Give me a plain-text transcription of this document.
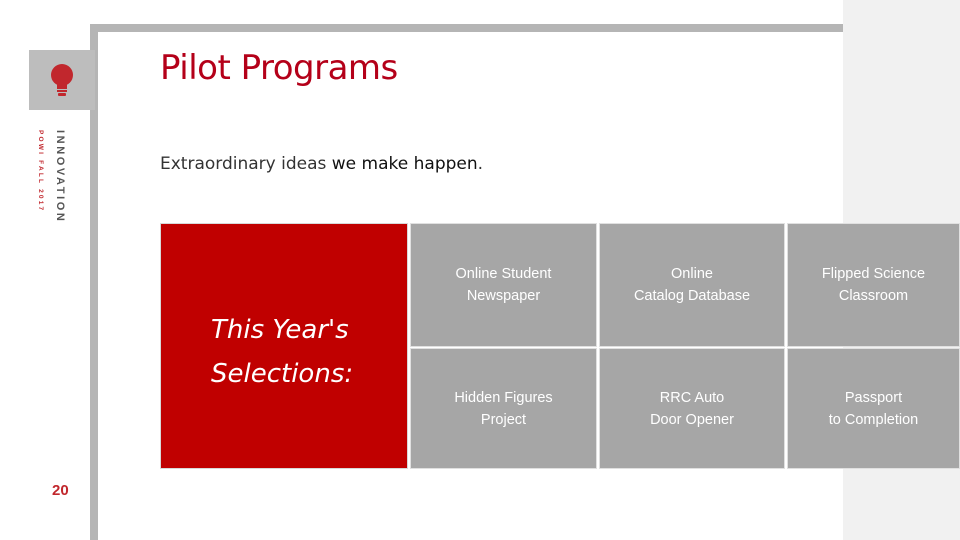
INNOVATION
POWI FALL 2017
20
Pilot Programs
Extraordinary ideas we make happen.
This Year's
Selections:
Online Student
Newspaper
Online
Catalog Database
Flipped Science
Classroom
Hidden Figures
Project
RRC Auto
Door Opener
Passport
to Completion
